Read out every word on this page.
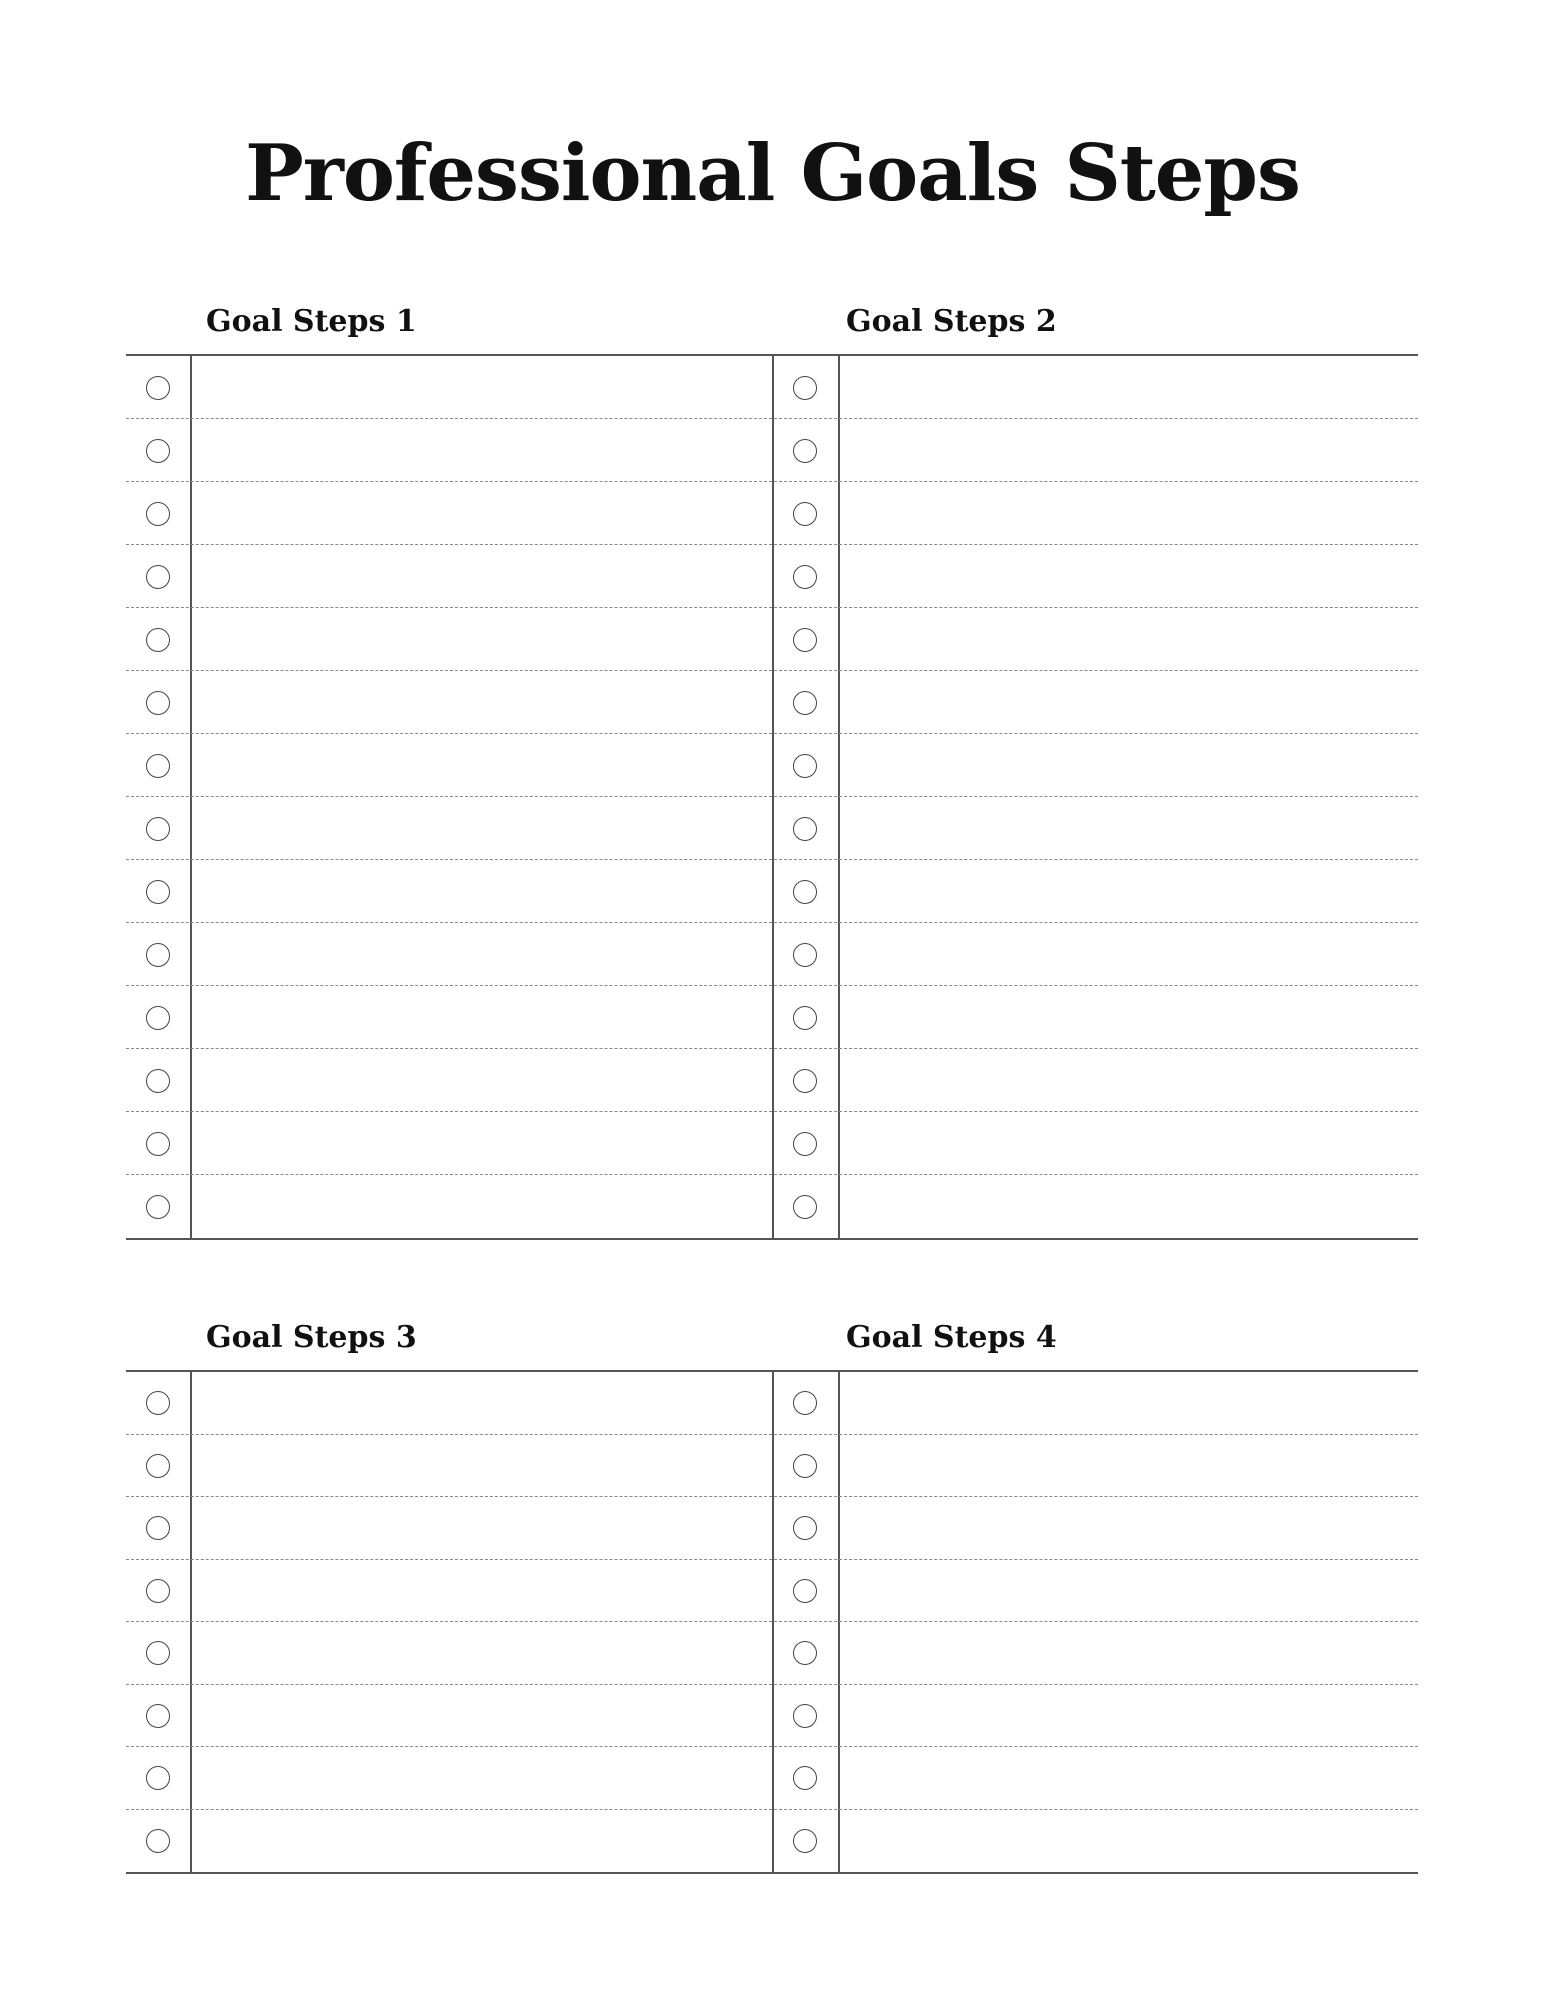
Professional Goals Steps
Goal Steps 1	Goal Steps 2
Goal Steps 3	Goal Steps 4
